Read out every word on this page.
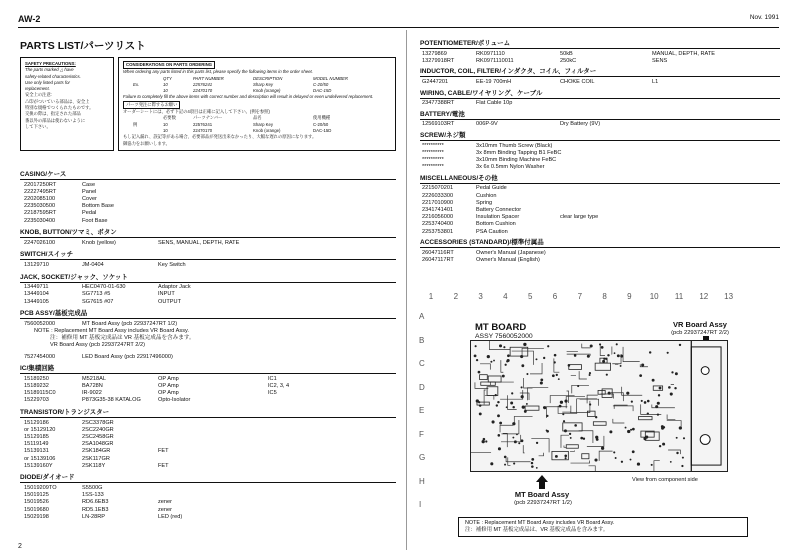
AW-2	Nov. 1991
2
PARTS LIST/パーツリスト
SAFETY PRECAUTIONS:
The parts marked △ have
safety-related characteristics.
Use only listed parts for
replacement.
安全上の注意：
△印がついている部品は、安全上
特別な規格でつくられたものです。
交換の際は、指定された部品
番以外の部品は使わないように
して下さい。
CONSIDERATIONS ON PARTS ORDERING
When ordering any parts listed in this parts list, please specify the following items in the order sheet.
QTY	PART NUMBER	DESCRIPTION	MODEL NUMBER
Ex.	10	22576241	Sharp Key	C-20/50
10	22470170	Knob (orange)	DAC-15D
Failure to completely fill the above items with correct number and description will result in delayed or even undelivered replacement.
パーツ発注に際するお願い
オーダーシートには、必ず下記の4項目は正確に記入して下さい。(例を参照)
必要数	パーツナンバー	品名	使用機種
例	10	22576241	Sharp Key	C-20/50
10	22470170	Knob (orange)	DAC-15D
もし記入漏れ、誤記等がある場合、必要部品が発送出来なかったり、大幅な遅れの原因になります。
御協力をお願いします。
CASING/ケース
22017250RT	Case
22227495RT	Panel
2202085100	Cover
2235030500	Bottom Base
22187595RT	Pedal
2235030400	Foot Base
KNOB, BUTTON/ツマミ、ボタン
2247026100	Knob (yellow)	SENS, MANUAL, DEPTH, RATE
SWITCH/スイッチ
13129710	JM-0404	Key Switch
JACK, SOCKET/ジャック、ソケット
13449711	HEC0470-01-630	Adaptor Jack
13449104	SG7713 #5	INPUT
13449105	SG7615 #07	OUTPUT
PCB ASSY/基板完成品
7560052000	MT Board Assy (pcb 22937247RT 1/2)
NOTE : Replacement MT Board Assy includes VR Board Assy.
注：補修用 MT 基板完成品は VR 基板完成品を含みます。
VR Board Assy (pcb 22937247RT 2/2)
7527454000	LED Board Assy (pcb 22917496000)
IC/集積回路
15189250	M5218AL	OP Amp	IC1
15189232	BA728N	OP Amp	IC2, 3, 4
15189115C0	IR-9022	OP Amp	IC5
15229703	P873G35-38 KATALOG	Opto-Isolator
TRANSISTOR/トランジスター
15129186	2SC3378GR
or 15129120	2SC2240GR
15129185	2SC2458GR
15119149	2SA1048GR
15139131	2SK184GR	FET
or 15139106	2SK117GR
15139160Y	2SK118Y	FET
DIODE/ダイオード
15019209TO	S5500G
15019125	1SS-133
15019526	RD6.6EB3	zener
15019680	RD5.1EB3	zener
15029198	LN-28RP	LED (red)
POTENTIOMETER/ボリューム
13279869	RK0971110	50kB	MANUAL, DEPTH, RATE
13279918RT	RK0971110011	250kC	SENS
INDUCTOR, COIL, FILTER/インダクタ、コイル、フィルター
G2447201	EE-19 700mH	CHOKE COIL	L1
WIRING, CABLE/ワイヤリング、ケーブル
23477388RT	Flat Cable 10p
BATTERY/電池
12569103RT	006P-9V	Dry Battery (9V)
SCREW/ネジ類
**********	3x10mm Thumb Screw (Black)
**********	3x 8mm Binding Tapping B1 FeBC
**********	3x10mm Binding Machine FeBC
**********	3x 6x 0.5mm Nylon Washer
MISCELLANEOUS/その他
2215070201	Pedal Guide
2226033300	Cushion
2217010900	Spring
2341741401	Battery Connector
2216056000	Insulation Spacer	clear large type
2253740400	Bottom Cushion
2253753801	PSA Caution
ACCESSORIES (STANDARD)/標準付属品
26047116RT	Owner's Manual (Japanese)
26047117RT	Owner's Manual (English)
1	2	3	4	5	6	7	8	9	10	11	12	13
A
B
C
D
E
F
G
H
I
MT BOARD
ASSY 7560052000
VR Board Assy
(pcb 22937247RT 2/2)
View from component side
MT Board Assy
(pcb 22937247RT 1/2)
NOTE : Replacement MT Board Assy includes VR Board Assy.
注：補修用 MT 基板完成品は、VR 基板完成品を含みます。
